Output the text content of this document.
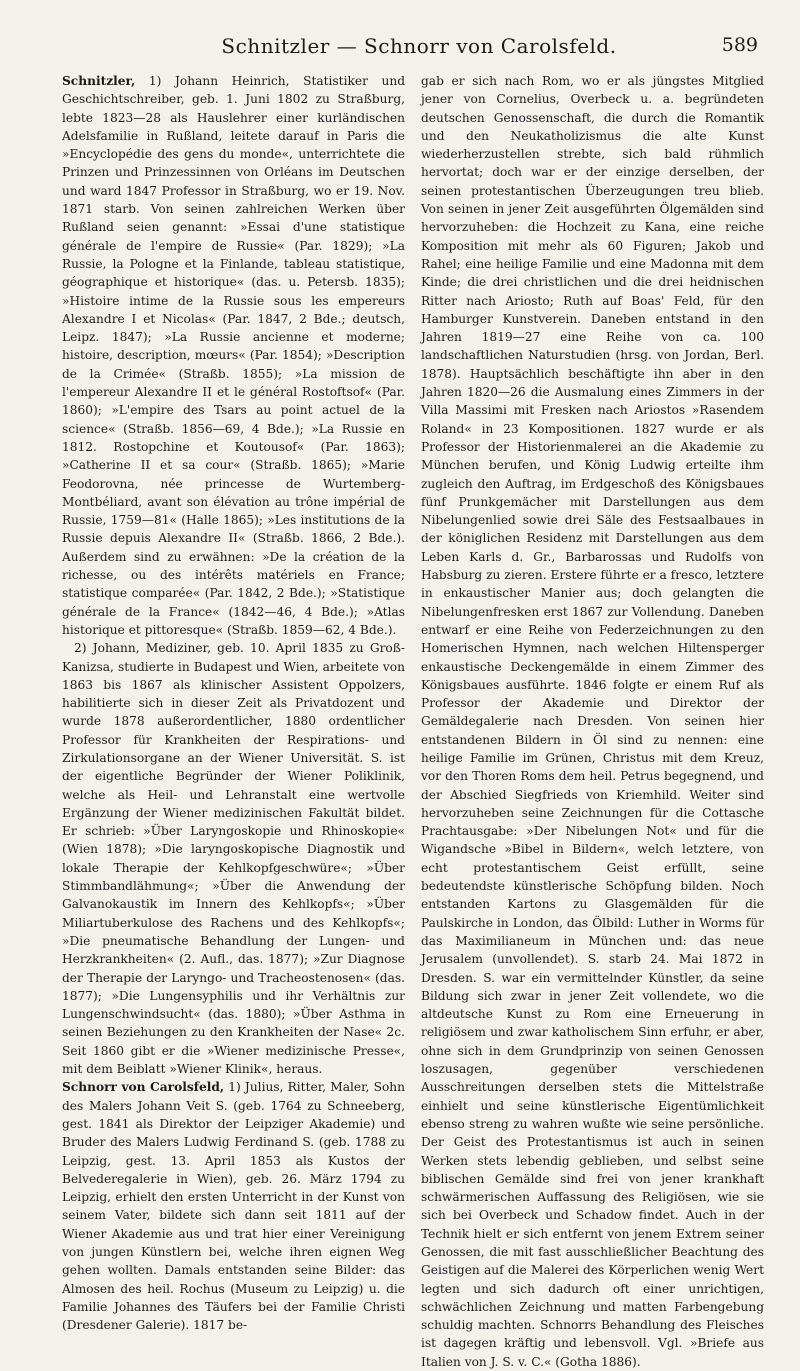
Schnitzler — Schnorr von Carolsfeld.	589

Schnitzler, 1) Johann Heinrich, Statistiker und Geschichtschreiber, geb. 1. Juni 1802 zu Straßburg, lebte 1823—28 als Hauslehrer einer kurländischen Adelsfamilie in Rußland, leitete darauf in Paris die »Encyclopédie des gens du monde«, unterrichtete die Prinzen und Prinzessinnen von Orléans im Deutschen und ward 1847 Professor in Straßburg, wo er 19. Nov. 1871 starb. Von seinen zahlreichen Werken über Rußland seien genannt: »Essai d'une statistique générale de l'empire de Russie« (Par. 1829); »La Russie, la Pologne et la Finlande, tableau statistique, géographique et historique« (das. u. Petersb. 1835); »Histoire intime de la Russie sous les empereurs Alexandre I et Nicolas« (Par. 1847, 2 Bde.; deutsch, Leipz. 1847); »La Russie ancienne et moderne; histoire, description, mœurs« (Par. 1854); »Description de la Crimée« (Straßb. 1855); »La mission de l'empereur Alexandre II et le général Rostoftsof« (Par. 1860); »L'empire des Tsars au point actuel de la science« (Straßb. 1856—69, 4 Bde.); »La Russie en 1812. Rostopchine et Koutousof« (Par. 1863); »Catherine II et sa cour« (Straßb. 1865); »Marie Feodorovna, née princesse de Wurtemberg-Montbéliard, avant son élévation au trône impérial de Russie, 1759—81« (Halle 1865); »Les institutions de la Russie depuis Alexandre II« (Straßb. 1866, 2 Bde.). Außerdem sind zu erwähnen: »De la création de la richesse, ou des intérêts matériels en France; statistique comparée« (Par. 1842, 2 Bde.); »Statistique générale de la France« (1842—46, 4 Bde.); »Atlas historique et pittoresque« (Straßb. 1859—62, 4 Bde.).

2) Johann, Mediziner, geb. 10. April 1835 zu Groß-Kanizsa, studierte in Budapest und Wien, arbeitete von 1863 bis 1867 als klinischer Assistent Oppolzers, habilitierte sich in dieser Zeit als Privatdozent und wurde 1878 außerordentlicher, 1880 ordentlicher Professor für Krankheiten der Respirations- und Zirkulationsorgane an der Wiener Universität. S. ist der eigentliche Begründer der Wiener Poliklinik, welche als Heil- und Lehranstalt eine wertvolle Ergänzung der Wiener medizinischen Fakultät bildet. Er schrieb: »Über Laryngoskopie und Rhinoskopie« (Wien 1878); »Die laryngoskopische Diagnostik und lokale Therapie der Kehlkopfgeschwüre«; »Über Stimmbandlähmung«; »Über die Anwendung der Galvanokaustik im Innern des Kehlkopfs«; »Über Miliartuberkulose des Rachens und des Kehlkopfs«; »Die pneumatische Behandlung der Lungen- und Herzkrankheiten« (2. Aufl., das. 1877); »Zur Diagnose der Therapie der Laryngo- und Tracheostenosen« (das. 1877); »Die Lungensyphilis und ihr Verhältnis zur Lungenschwindsucht« (das. 1880); »Über Asthma in seinen Beziehungen zu den Krankheiten der Nase« 2c. Seit 1860 gibt er die »Wiener medizinische Presse«, mit dem Beiblatt »Wiener Klinik«, heraus.

Schnorr von Carolsfeld, 1) Julius, Ritter, Maler, Sohn des Malers Johann Veit S. (geb. 1764 zu Schneeberg, gest. 1841 als Direktor der Leipziger Akademie) und Bruder des Malers Ludwig Ferdinand S. (geb. 1788 zu Leipzig, gest. 13. April 1853 als Kustos der Belvederegalerie in Wien), geb. 26. März 1794 zu Leipzig, erhielt den ersten Unterricht in der Kunst von seinem Vater, bildete sich dann seit 1811 auf der Wiener Akademie aus und trat hier einer Vereinigung von jungen Künstlern bei, welche ihren eignen Weg gehen wollten. Damals entstanden seine Bilder: das Almosen des heil. Rochus (Museum zu Leipzig) u. die Familie Johannes des Täufers bei der Familie Christi (Dresdener Galerie). 1817 be-

gab er sich nach Rom, wo er als jüngstes Mitglied jener von Cornelius, Overbeck u. a. begründeten deutschen Genossenschaft, die durch die Romantik und den Neukatholizismus die alte Kunst wiederherzustellen strebte, sich bald rühmlich hervortat; doch war er der einzige derselben, der seinen protestantischen Überzeugungen treu blieb. Von seinen in jener Zeit ausgeführten Ölgemälden sind hervorzuheben: die Hochzeit zu Kana, eine reiche Komposition mit mehr als 60 Figuren; Jakob und Rahel; eine heilige Familie und eine Madonna mit dem Kinde; die drei christlichen und die drei heidnischen Ritter nach Ariosto; Ruth auf Boas' Feld, für den Hamburger Kunstverein. Daneben entstand in den Jahren 1819—27 eine Reihe von ca. 100 landschaftlichen Naturstudien (hrsg. von Jordan, Berl. 1878). Hauptsächlich beschäftigte ihn aber in den Jahren 1820—26 die Ausmalung eines Zimmers in der Villa Massimi mit Fresken nach Ariostos »Rasendem Roland« in 23 Kompositionen. 1827 wurde er als Professor der Historienmalerei an die Akademie zu München berufen, und König Ludwig erteilte ihm zugleich den Auftrag, im Erdgeschoß des Königsbaues fünf Prunkgemächer mit Darstellungen aus dem Nibelungenlied sowie drei Säle des Festsaalbaues in der königlichen Residenz mit Darstellungen aus dem Leben Karls d. Gr., Barbarossas und Rudolfs von Habsburg zu zieren. Erstere führte er a fresco, letztere in enkaustischer Manier aus; doch gelangten die Nibelungenfresken erst 1867 zur Vollendung. Daneben entwarf er eine Reihe von Federzeichnungen zu den Homerischen Hymnen, nach welchen Hiltensperger enkaustische Deckengemälde in einem Zimmer des Königsbaues ausführte. 1846 folgte er einem Ruf als Professor der Akademie und Direktor der Gemäldegalerie nach Dresden. Von seinen hier entstandenen Bildern in Öl sind zu nennen: eine heilige Familie im Grünen, Christus mit dem Kreuz, vor den Thoren Roms dem heil. Petrus begegnend, und der Abschied Siegfrieds von Kriemhild. Weiter sind hervorzuheben seine Zeichnungen für die Cottasche Prachtausgabe: »Der Nibelungen Not« und für die Wigandsche »Bibel in Bildern«, welch letztere, von echt protestantischem Geist erfüllt, seine bedeutendste künstlerische Schöpfung bilden. Noch entstanden Kartons zu Glasgemälden für die Paulskirche in London, das Ölbild: Luther in Worms für das Maximilianeum in München und: das neue Jerusalem (unvollendet). S. starb 24. Mai 1872 in Dresden. S. war ein vermittelnder Künstler, da seine Bildung sich zwar in jener Zeit vollendete, wo die altdeutsche Kunst zu Rom eine Erneuerung in religiösem und zwar katholischem Sinn erfuhr, er aber, ohne sich in dem Grundprinzip von seinen Genossen loszusagen, gegenüber verschiedenen Ausschreitungen derselben stets die Mittelstraße einhielt und seine künstlerische Eigentümlichkeit ebenso streng zu wahren wußte wie seine persönliche. Der Geist des Protestantismus ist auch in seinen Werken stets lebendig geblieben, und selbst seine biblischen Gemälde sind frei von jener krankhaft schwärmerischen Auffassung des Religiösen, wie sie sich bei Overbeck und Schadow findet. Auch in der Technik hielt er sich entfernt von jenem Extrem seiner Genossen, die mit fast ausschließlicher Beachtung des Geistigen auf die Malerei des Körperlichen wenig Wert legten und sich dadurch oft einer unrichtigen, schwächlichen Zeichnung und matten Farbengebung schuldig machten. Schnorrs Behandlung des Fleisches ist dagegen kräftig und lebensvoll. Vgl. »Briefe aus Italien von J. S. v. C.« (Gotha 1886).
